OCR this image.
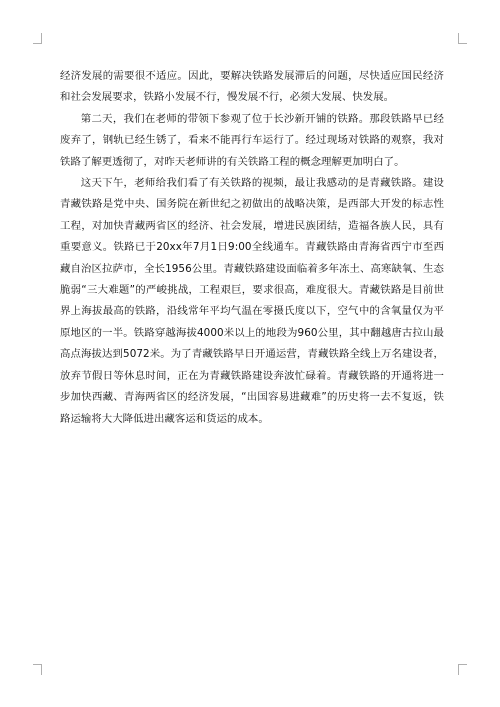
经济发展的需要很不适应。因此，要解决铁路发展滞后的问题，尽快适应国民经济和社会发展要求，铁路小发展不行，慢发展不行，必须大发展、快发展。

第二天，我们在老师的带领下参观了位于长沙新开铺的铁路。那段铁路早已经废弃了，钢轨已经生锈了，看来不能再行车运行了。经过现场对铁路的观察，我对铁路了解更透彻了，对昨天老师讲的有关铁路工程的概念理解更加明白了。

这天下午，老师给我们看了有关铁路的视频，最让我感动的是青藏铁路。建设青藏铁路是党中央、国务院在新世纪之初做出的战略决策，是西部大开发的标志性工程，对加快青藏两省区的经济、社会发展，增进民族团结，造福各族人民，具有重要意义。铁路已于20xx年7月1日9:00全线通车。青藏铁路由青海省西宁市至西藏自治区拉萨市，全长1956公里。青藏铁路建设面临着多年冻土、高寒缺氧、生态脆弱“三大难题”的严峻挑战，工程艰巨，要求很高，难度很大。青藏铁路是目前世界上海拔最高的铁路，沿线常年平均气温在零摄氏度以下，空气中的含氧量仅为平原地区的一半。铁路穿越海拔4000米以上的地段为960公里，其中翻越唐古拉山最高点海拔达到5072米。为了青藏铁路早日开通运营，青藏铁路全线上万名建设者，放弃节假日等休息时间，正在为青藏铁路建设奔波忙碌着。青藏铁路的开通将进一步加快西藏、青海两省区的经济发展，“出国容易进藏难”的历史将一去不复返，铁路运输将大大降低进出藏客运和货运的成本。
